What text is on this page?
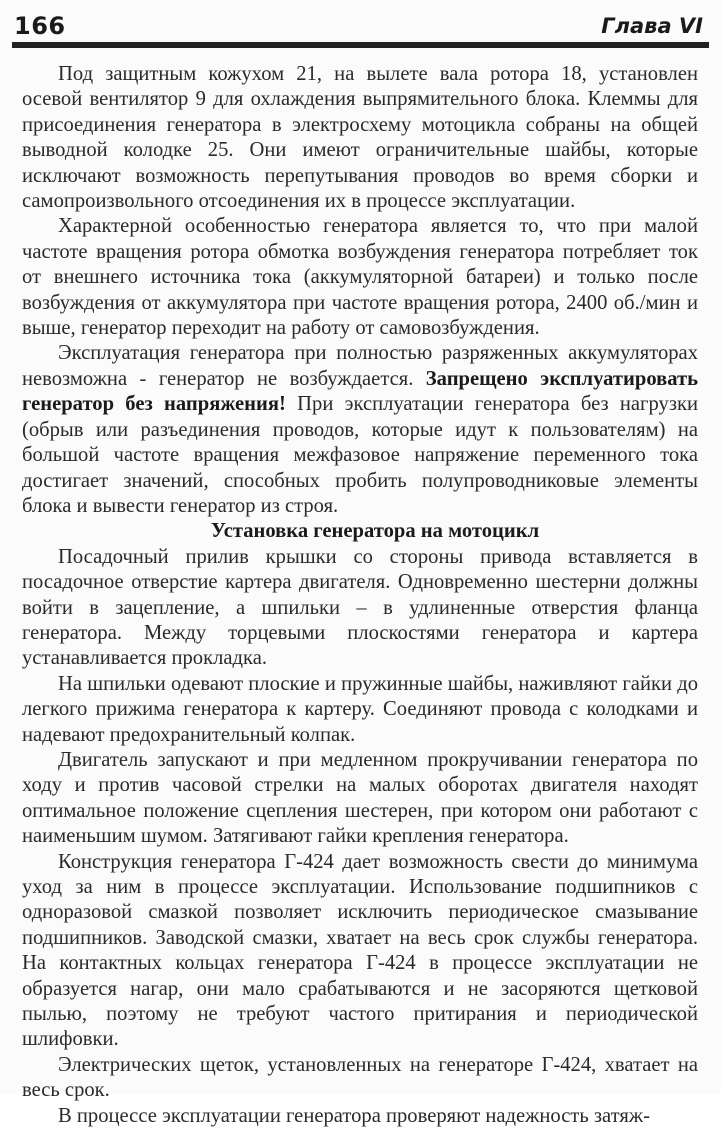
166	Глава VI

Под защитным кожухом 21, на вылете вала ротора 18, установлен осевой вентилятор 9 для охлаждения выпрямительного блока. Клеммы для присоединения генератора в электросхему мотоцикла собраны на общей выводной колодке 25. Они имеют ограничительные шайбы, которые исключают возможность перепутывания проводов во время сборки и самопроизвольного отсоединения их в процессе эксплуатации.

Характерной особенностью генератора является то, что при малой частоте вращения ротора обмотка возбуждения генератора потребляет ток от внешнего источника тока (аккумуляторной батареи) и только после возбуждения от аккумулятора при частоте вращения ротора, 2400 об./мин и выше, генератор переходит на работу от самовозбуждения.

Эксплуатация генератора при полностью разряженных аккумуляторах невозможна - генератор не возбуждается. Запрещено эксплуатировать генератор без напряжения! При эксплуатации генератора без нагрузки (обрыв или разъединения проводов, которые идут к пользователям) на большой частоте вращения межфазовое напряжение переменного тока достигает значений, способных пробить полупроводниковые элементы блока и вывести генератор из строя.

Установка генератора на мотоцикл

Посадочный прилив крышки со стороны привода вставляется в посадочное отверстие картера двигателя. Одновременно шестерни должны войти в зацепление, а шпильки – в удлиненные отверстия фланца генератора. Между торцевыми плоскостями генератора и картера устанавливается прокладка.

На шпильки одевают плоские и пружинные шайбы, наживляют гайки до легкого прижима генератора к картеру. Соединяют провода с колодками и надевают предохранительный колпак.

Двигатель запускают и при медленном прокручивании генератора по ходу и против часовой стрелки на малых оборотах двигателя находят оптимальное положение сцепления шестерен, при котором они работают с наименьшим шумом. Затягивают гайки крепления генератора.

Конструкция генератора Г-424 дает возможность свести до минимума уход за ним в процессе эксплуатации. Использование подшипников с одноразовой смазкой позволяет исключить периодическое смазывание подшипников. Заводской смазки, хватает на весь срок службы генератора. На контактных кольцах генератора Г-424 в процессе эксплуатации не образуется нагар, они мало срабатываются и не засоряются щетковой пылью, поэтому не требуют частого притирания и периодической шлифовки.

Электрических щеток, установленных на генераторе Г-424, хватает на весь срок.

В процессе эксплуатации генератора проверяют надежность затяж-
